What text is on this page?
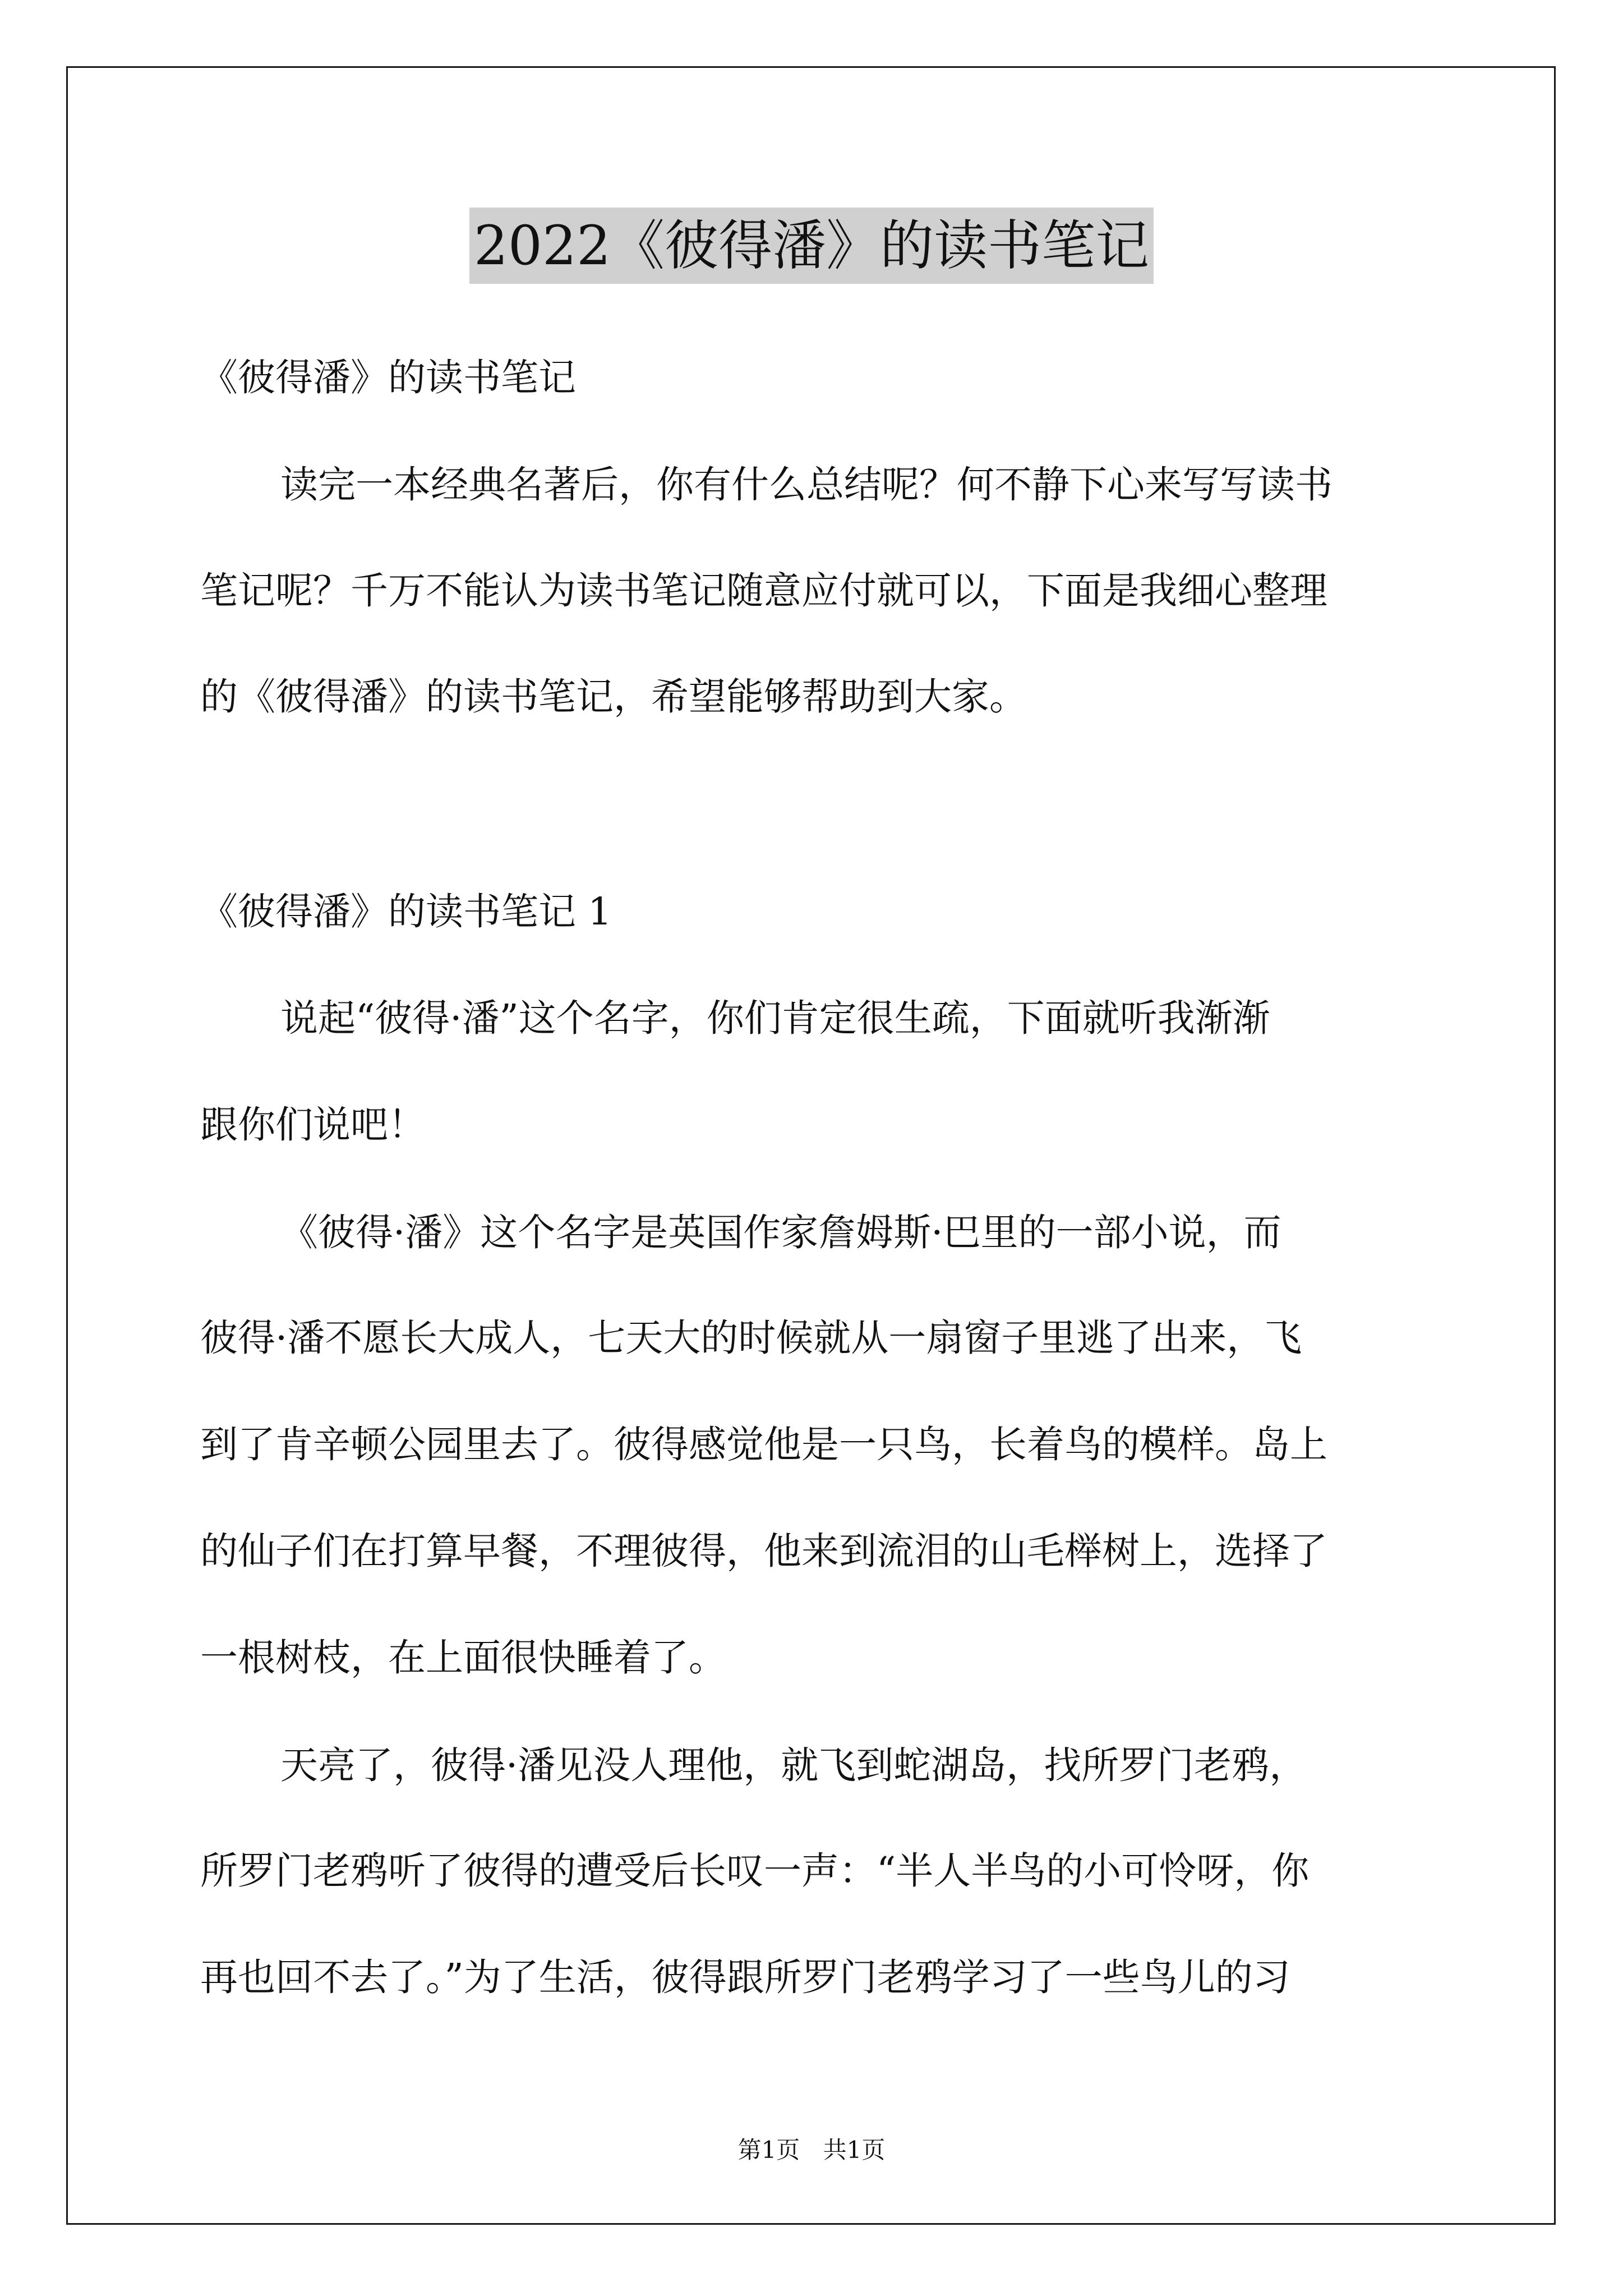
2022《彼得潘》的读书笔记
《彼得潘》的读书笔记
读完一本经典名著后，你有什么总结呢？何不静下心来写写读书
笔记呢？千万不能认为读书笔记随意应付就可以，下面是我细心整理
的《彼得潘》的读书笔记，希望能够帮助到大家。
《彼得潘》的读书笔记 1
说起“彼得·潘”这个名字，你们肯定很生疏，下面就听我渐渐
跟你们说吧！
《彼得·潘》这个名字是英国作家詹姆斯·巴里的一部小说，而
彼得·潘不愿长大成人，七天大的时候就从一扇窗子里逃了出来，飞
到了肯辛顿公园里去了。彼得感觉他是一只鸟，长着鸟的模样。岛上
的仙子们在打算早餐，不理彼得，他来到流泪的山毛榉树上，选择了
一根树枝，在上面很快睡着了。
天亮了，彼得·潘见没人理他，就飞到蛇湖岛，找所罗门老鸦，
所罗门老鸦听了彼得的遭受后长叹一声：“半人半鸟的小可怜呀，你
再也回不去了。”为了生活，彼得跟所罗门老鸦学习了一些鸟儿的习
第1页 共1页
